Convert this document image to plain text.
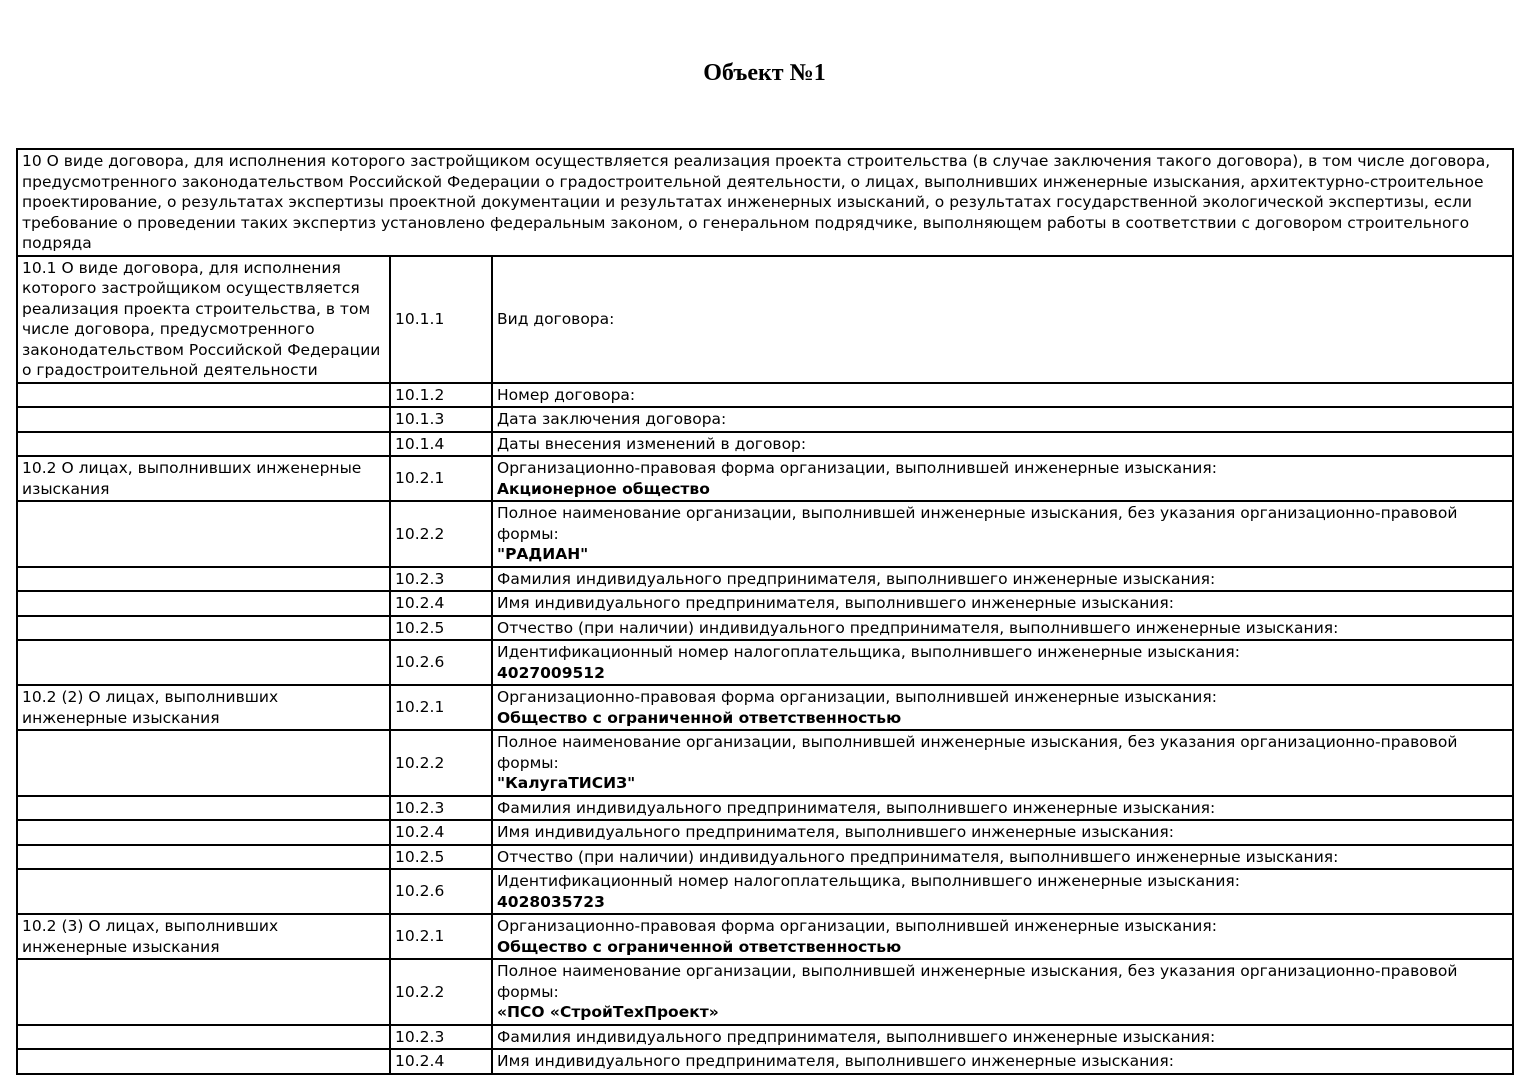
Объект №1
10 О виде договора, для исполнения которого застройщиком осуществляется реализация проекта строительства (в случае заключения такого договора), в том числе договора, предусмотренного законодательством Российской Федерации о градостроительной деятельности, о лицах, выполнивших инженерные изыскания, архитектурно-строительное проектирование, о результатах экспертизы проектной документации и результатах инженерных изысканий, о результатах государственной экологической экспертизы, если требование о проведении таких экспертиз установлено федеральным законом, о генеральном подрядчике, выполняющем работы в соответствии с договором строительного подряда		
10.1 О виде договора, для исполнения которого застройщиком осуществляется реализация проекта строительства, в том числе договора, предусмотренного законодательством Российской Федерации о градостроительной деятельности	10.1.1	Вид договора:

	10.1.2	Номер договора:

	10.1.3	Дата заключения договора:

	10.1.4	Даты внесения изменений в договор:

10.2 О лицах, выполнивших инженерные изыскания	10.2.1	Организационно-правовая форма организации, выполнившей инженерные изыскания:
Акционерное общество

	10.2.2	Полное наименование организации, выполнившей инженерные изыскания, без указания организационно-правовой формы:
"РАДИАН"

	10.2.3	Фамилия индивидуального предпринимателя, выполнившего инженерные изыскания:

	10.2.4	Имя индивидуального предпринимателя, выполнившего инженерные изыскания:

	10.2.5	Отчество (при наличии) индивидуального предпринимателя, выполнившего инженерные изыскания:

	10.2.6	Идентификационный номер налогоплательщика, выполнившего инженерные изыскания:
4027009512

10.2 (2) О лицах, выполнивших инженерные изыскания	10.2.1	Организационно-правовая форма организации, выполнившей инженерные изыскания:
Общество с ограниченной ответственностью

	10.2.2	Полное наименование организации, выполнившей инженерные изыскания, без указания организационно-правовой формы:
"КалугаТИСИЗ"

	10.2.3	Фамилия индивидуального предпринимателя, выполнившего инженерные изыскания:

	10.2.4	Имя индивидуального предпринимателя, выполнившего инженерные изыскания:

	10.2.5	Отчество (при наличии) индивидуального предпринимателя, выполнившего инженерные изыскания:

	10.2.6	Идентификационный номер налогоплательщика, выполнившего инженерные изыскания:
4028035723

10.2 (3) О лицах, выполнивших инженерные изыскания	10.2.1	Организационно-правовая форма организации, выполнившей инженерные изыскания:
Общество с ограниченной ответственностью

	10.2.2	Полное наименование организации, выполнившей инженерные изыскания, без указания организационно-правовой формы:
«ПСО «СтройТехПроект»

	10.2.3	Фамилия индивидуального предпринимателя, выполнившего инженерные изыскания:

	10.2.4	Имя индивидуального предпринимателя, выполнившего инженерные изыскания:
